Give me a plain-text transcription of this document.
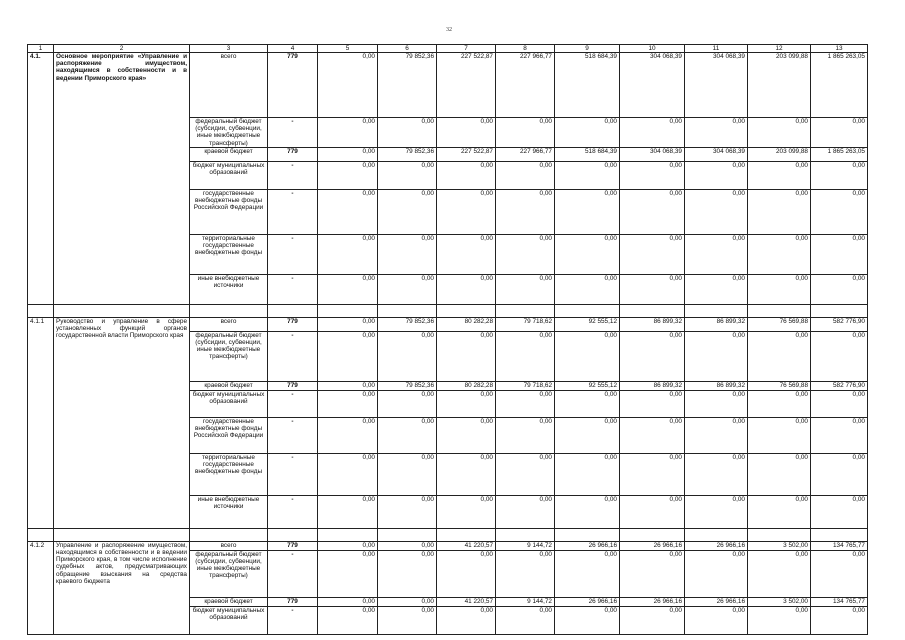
32
1	2	3	4	5	6	7	8	9	10	11	12	13
4.1.	Основное мероприятие «Управление и распоряжение имуществом, находящимся в собственности и в ведении Приморского края»	всего	779	0,00	79 852,36	227 522,87	227 966,77	518 684,39	304 068,39	304 068,39	203 099,88	1 865 263,05
		федеральный бюджет (субсидии, субвенции, иные межбюджетные трансферты)	-	0,00	0,00	0,00	0,00	0,00	0,00	0,00	0,00	0,00
		краевой бюджет	779	0,00	79 852,36	227 522,87	227 966,77	518 684,39	304 068,39	304 068,39	203 099,88	1 865 263,05
		бюджет муниципальных образований	-	0,00	0,00	0,00	0,00	0,00	0,00	0,00	0,00	0,00
		государственные внебюджетные фонды Российской Федерации	-	0,00	0,00	0,00	0,00	0,00	0,00	0,00	0,00	0,00
		территориальные государственные внебюджетные фонды	-	0,00	0,00	0,00	0,00	0,00	0,00	0,00	0,00	0,00
		иные внебюджетные источники	-	0,00	0,00	0,00	0,00	0,00	0,00	0,00	0,00	0,00

4.1.1	Руководство и управление в сфере установленных функций органов государственной власти Приморского края	всего	779	0,00	79 852,36	80 282,28	79 718,62	92 555,12	86 899,32	86 899,32	76 569,88	582 776,90
		федеральный бюджет (субсидии, субвенции, иные межбюджетные трансферты)	-	0,00	0,00	0,00	0,00	0,00	0,00	0,00	0,00	0,00
		краевой бюджет	779	0,00	79 852,36	80 282,28	79 718,62	92 555,12	86 899,32	86 899,32	76 569,88	582 776,90
		бюджет муниципальных образований	-	0,00	0,00	0,00	0,00	0,00	0,00	0,00	0,00	0,00
		государственные внебюджетные фонды Российской Федерации	-	0,00	0,00	0,00	0,00	0,00	0,00	0,00	0,00	0,00
		территориальные государственные внебюджетные фонды	-	0,00	0,00	0,00	0,00	0,00	0,00	0,00	0,00	0,00
		иные внебюджетные источники	-	0,00	0,00	0,00	0,00	0,00	0,00	0,00	0,00	0,00

4.1.2	Управление и распоряжение имуществом, находящимся в собственности и в ведении Приморского края, в том числе исполнение судебных актов, предусматривающих обращение взыскания на средства краевого бюджета	всего	779	0,00	0,00	41 220,57	9 144,72	26 966,16	26 966,16	26 966,16	3 502,00	134 765,77
		федеральный бюджет (субсидии, субвенции, иные межбюджетные трансферты)	-	0,00	0,00	0,00	0,00	0,00	0,00	0,00	0,00	0,00
		краевой бюджет	779	0,00	0,00	41 220,57	9 144,72	26 966,16	26 966,16	26 966,16	3 502,00	134 765,77
		бюджет муниципальных образований	-	0,00	0,00	0,00	0,00	0,00	0,00	0,00	0,00	0,00
